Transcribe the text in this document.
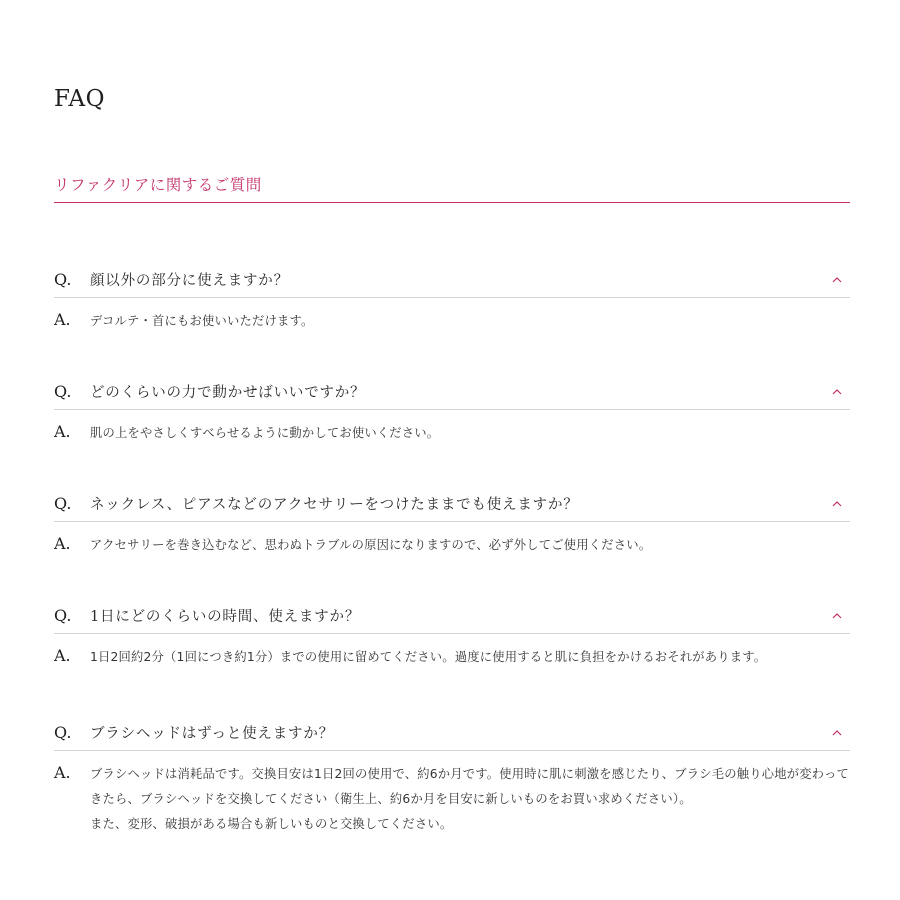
FAQ
リファクリアに関するご質問
Q. 顔以外の部分に使えますか？
A. デコルテ・首にもお使いいただけます。
Q. どのくらいの力で動かせばいいですか？
A. 肌の上をやさしくすべらせるように動かしてお使いください。
Q. ネックレス、ピアスなどのアクセサリーをつけたままでも使えますか？
A. アクセサリーを巻き込むなど、思わぬトラブルの原因になりますので、必ず外してご使用ください。
Q. 1日にどのくらいの時間、使えますか？
A. 1日2回約2分（1回につき約1分）までの使用に留めてください。過度に使用すると肌に負担をかけるおそれがあります。
Q. ブラシヘッドはずっと使えますか？
A. ブラシヘッドは消耗品です。交換目安は1日2回の使用で、約6か月です。使用時に肌に刺激を感じたり、ブラシ毛の触り心地が変わって
きたら、ブラシヘッドを交換してください（衛生上、約6か月を目安に新しいものをお買い求めください）。
また、変形、破損がある場合も新しいものと交換してください。
